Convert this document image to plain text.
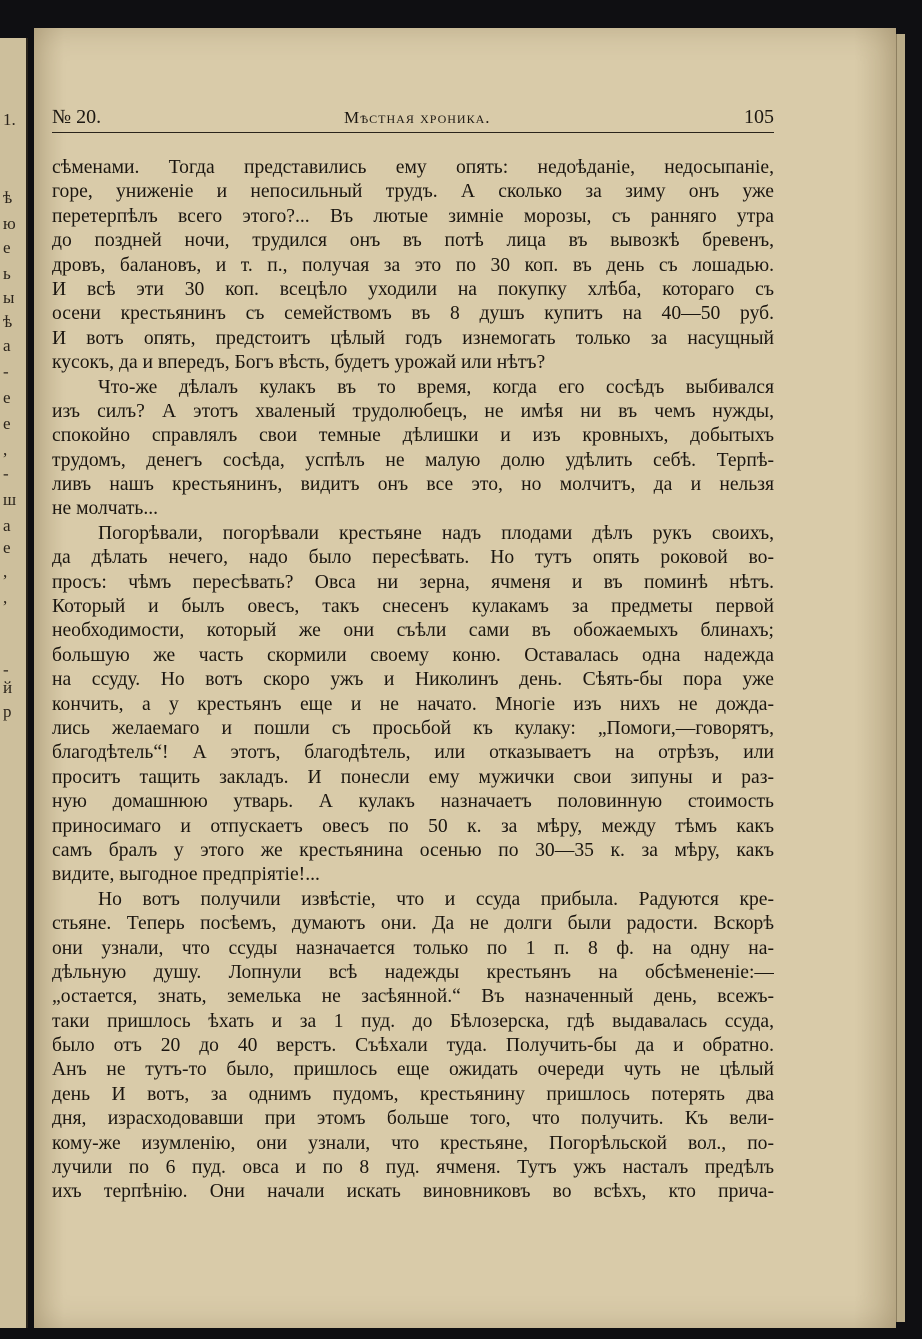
1.
ѣ
ю
е
ь
ы
ѣ
а
-
е
е
,
-
ш
а
е
,
,
-
й
р
№ 20.	Мѣстная хроника.	105
сѣменами. Тогда представились ему опять: недоѣданіе, недосыпаніе,
горе, униженіе и непосильный трудъ. А сколько за зиму онъ уже
перетерпѣлъ всего этого?... Въ лютые зимніе морозы, съ ранняго утра
до поздней ночи, трудился онъ въ потѣ лица въ вывозкѣ бревенъ,
дровъ, балановъ, и т. п., получая за это по 30 коп. въ день съ лошадью.
И всѣ эти 30 коп. всецѣло уходили на покупку хлѣба, котораго съ
осени крестьянинъ съ семействомъ въ 8 душъ купитъ на 40—50 руб.
И вотъ опять, предстоитъ цѣлый годъ изнемогать только за насущный
кусокъ, да и впередъ, Богъ вѣсть, будетъ урожай или нѣтъ?
Что-же дѣлалъ кулакъ въ то время, когда его сосѣдъ выбивался
изъ силъ? А этотъ хваленый трудолюбецъ, не имѣя ни въ чемъ нужды,
спокойно справлялъ свои темные дѣлишки и изъ кровныхъ, добытыхъ
трудомъ, денегъ сосѣда, успѣлъ не малую долю удѣлить себѣ. Терпѣ-
ливъ нашъ крестьянинъ, видитъ онъ все это, но молчитъ, да и нельзя
не молчать...
Погорѣвали, погорѣвали крестьяне надъ плодами дѣлъ рукъ своихъ,
да дѣлать нечего, надо было пересѣвать. Но тутъ опять роковой во-
просъ: чѣмъ пересѣвать? Овса ни зерна, ячменя и въ поминѣ нѣтъ.
Который и былъ овесъ, такъ снесенъ кулакамъ за предметы первой
необходимости, который же они съѣли сами въ обожаемыхъ блинахъ;
большую же часть скормили своему коню. Оставалась одна надежда
на ссуду. Но вотъ скоро ужъ и Николинъ день. Сѣять-бы пора уже
кончить, а у крестьянъ еще и не начато. Многіе изъ нихъ не дожда-
лись желаемаго и пошли съ просьбой къ кулаку: „Помоги,—говорятъ,
благодѣтель“! А этотъ, благодѣтель, или отказываетъ на отрѣзъ, или
проситъ тащить закладъ. И понесли ему мужички свои зипуны и раз-
ную домашнюю утварь. А кулакъ назначаетъ половинную стоимость
приносимаго и отпускаетъ овесъ по 50 к. за мѣру, между тѣмъ какъ
самъ бралъ у этого же крестьянина осенью по 30—35 к. за мѣру, какъ
видите, выгодное предпріятіе!...
Но вотъ получили извѣстіе, что и ссуда прибыла. Радуются кре-
стьяне. Теперь посѣемъ, думаютъ они. Да не долги были радости. Вскорѣ
они узнали, что ссуды назначается только по 1 п. 8 ф. на одну на-
дѣльную душу. Лопнули всѣ надежды крестьянъ на обсѣмененіе:—
„остается, знать, земелька не засѣянной.“ Въ назначенный день, всежъ-
таки пришлось ѣхать и за 1 пуд. до Бѣлозерска, гдѣ выдавалась ссуда,
было отъ 20 до 40 верстъ. Съѣхали туда. Получить-бы да и обратно.
Анъ не тутъ-то было, пришлось еще ожидать очереди чуть не цѣлый
день И вотъ, за однимъ пудомъ, крестьянину пришлось потерять два
дня, израсходовавши при этомъ больше того, что получить. Къ вели-
кому-же изумленію, они узнали, что крестьяне, Погорѣльской вол., по-
лучили по 6 пуд. овса и по 8 пуд. ячменя. Тутъ ужъ насталъ предѣлъ
ихъ терпѣнію. Они начали искать виновниковъ во всѣхъ, кто прича-
